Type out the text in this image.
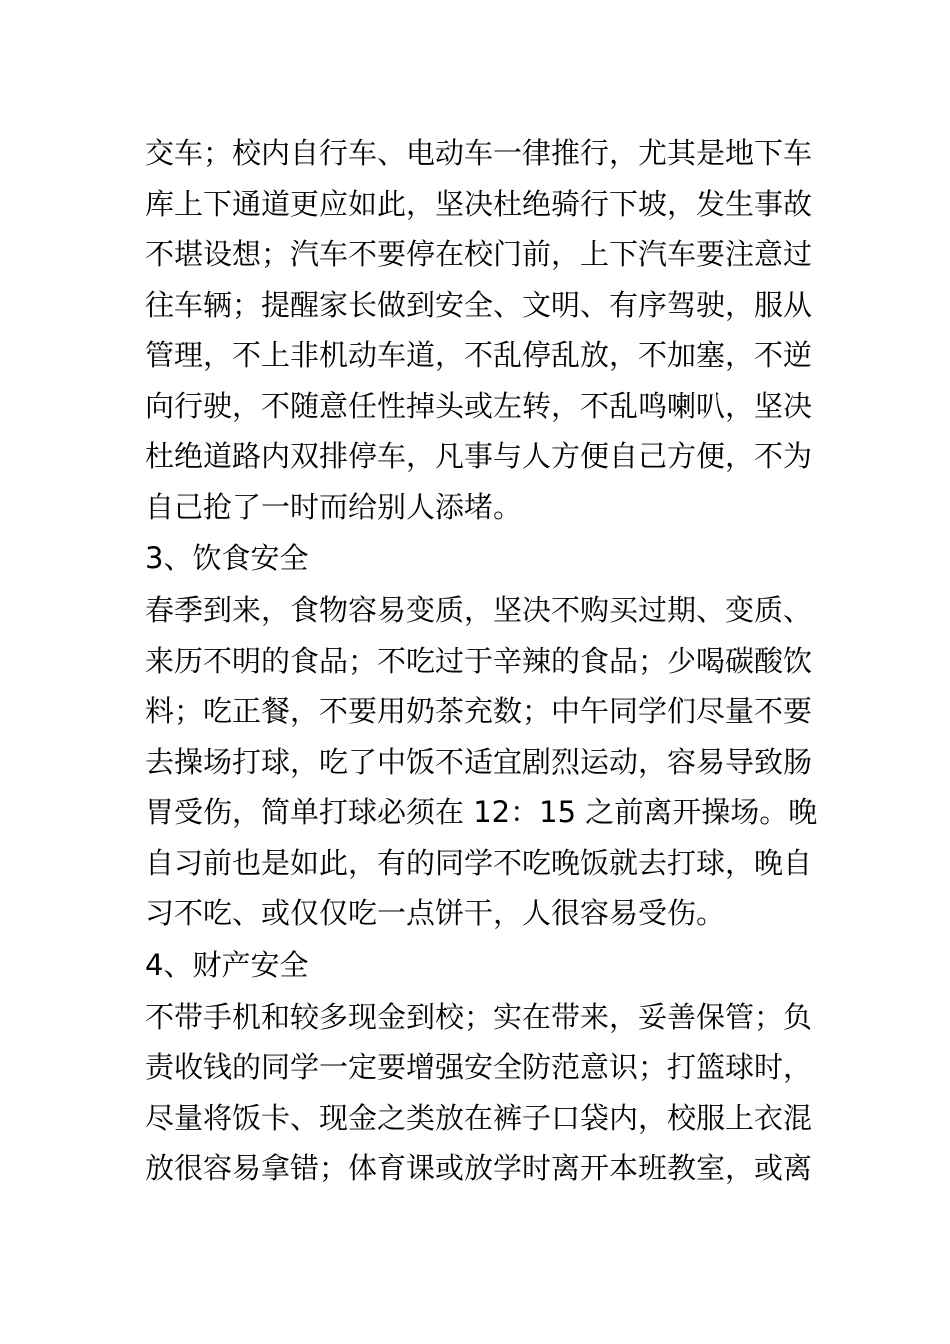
交车；校内自行车、电动车一律推行，尤其是地下车
库上下通道更应如此，坚决杜绝骑行下坡，发生事故
不堪设想；汽车不要停在校门前，上下汽车要注意过
往车辆；提醒家长做到安全、文明、有序驾驶，服从
管理，不上非机动车道，不乱停乱放，不加塞，不逆
向行驶，不随意任性掉头或左转，不乱鸣喇叭，坚决
杜绝道路内双排停车，凡事与人方便自己方便，不为
自己抢了一时而给别人添堵。
3、饮食安全
春季到来，食物容易变质，坚决不购买过期、变质、
来历不明的食品；不吃过于辛辣的食品；少喝碳酸饮
料；吃正餐，不要用奶茶充数；中午同学们尽量不要
去操场打球，吃了中饭不适宜剧烈运动，容易导致肠
胃受伤，简单打球必须在 12：15 之前离开操场。晚
自习前也是如此，有的同学不吃晚饭就去打球，晚自
习不吃、或仅仅吃一点饼干，人很容易受伤。
4、财产安全
不带手机和较多现金到校；实在带来，妥善保管；负
责收钱的同学一定要增强安全防范意识；打篮球时，
尽量将饭卡、现金之类放在裤子口袋内，校服上衣混
放很容易拿错；体育课或放学时离开本班教室，或离
